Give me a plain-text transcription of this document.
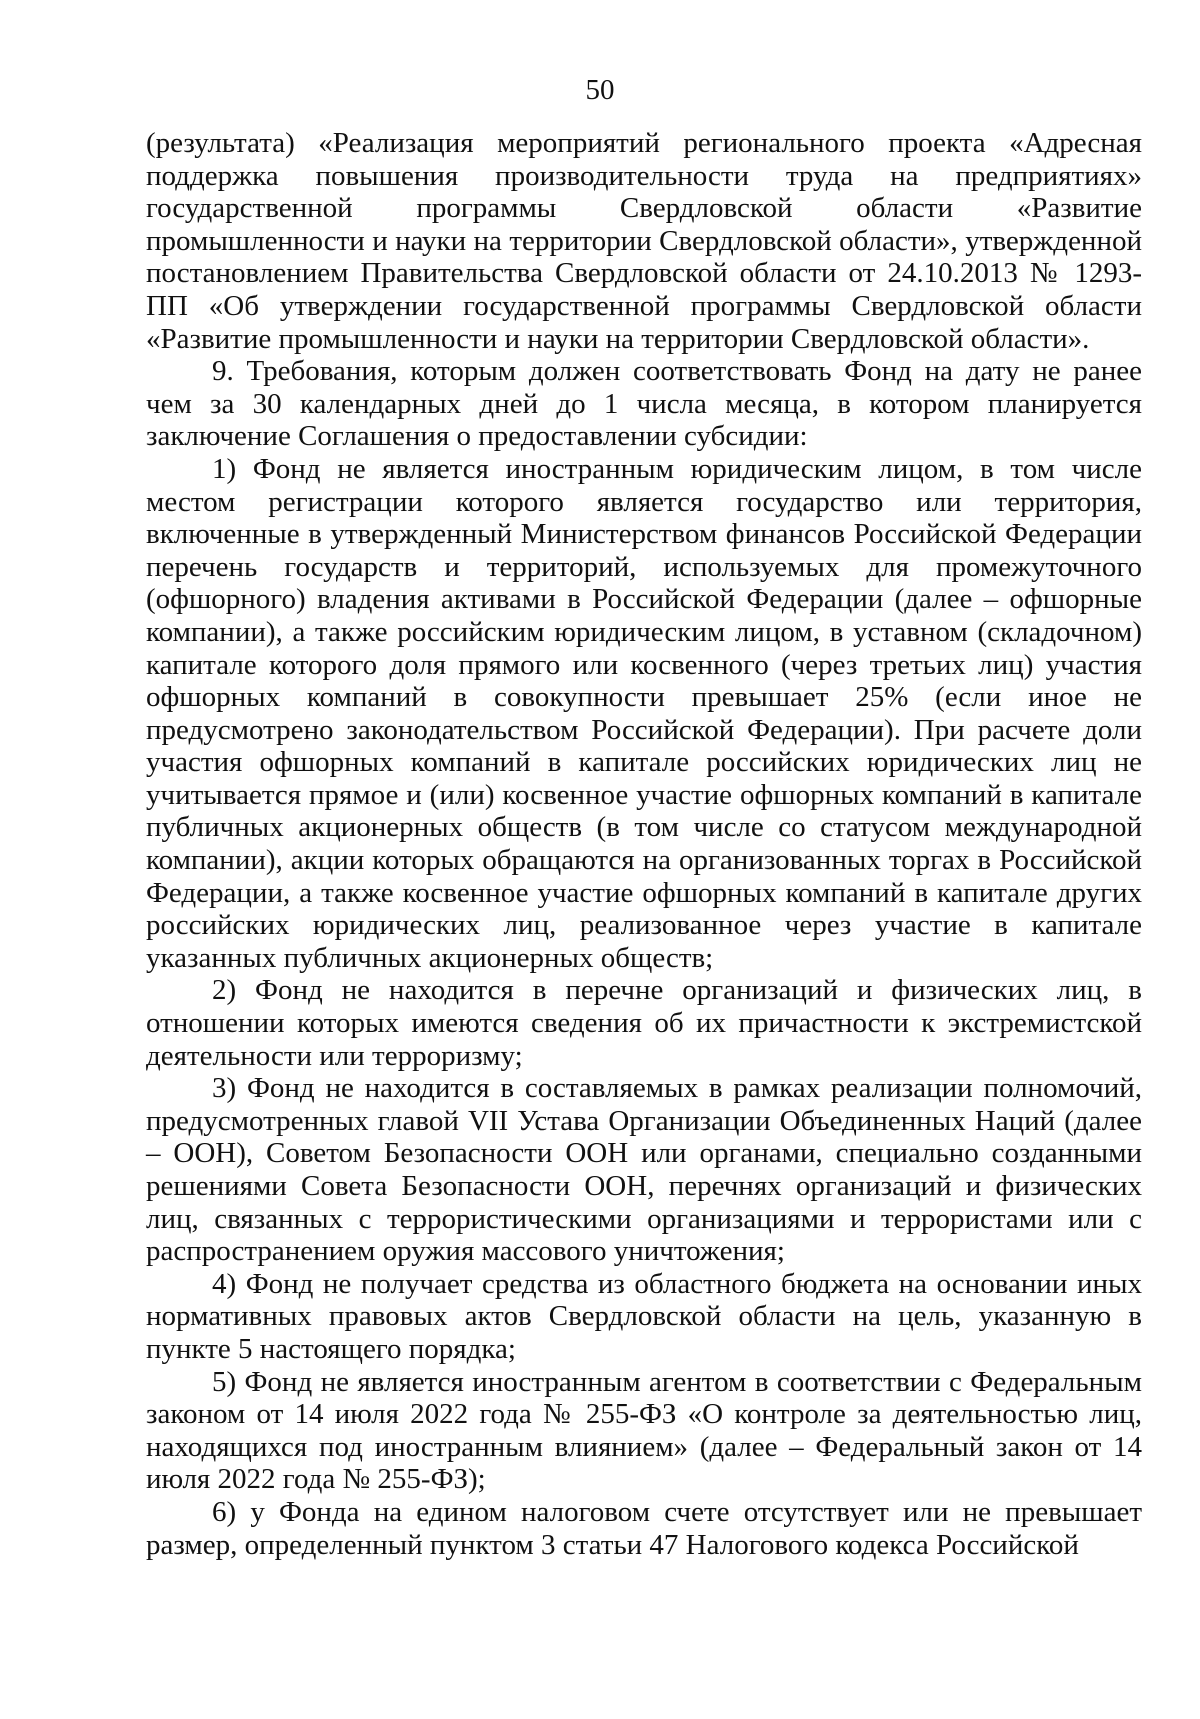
50

(результата) «Реализация мероприятий регионального проекта «Адресная поддержка повышения производительности труда на предприятиях» государственной программы Свердловской области «Развитие промышленности и науки на территории Свердловской области», утвержденной постановлением Правительства Свердловской области от 24.10.2013 № 1293-ПП «Об утверждении государственной программы Свердловской области «Развитие промышленности и науки на территории Свердловской области».

9. Требования, которым должен соответствовать Фонд на дату не ранее чем за 30 календарных дней до 1 числа месяца, в котором планируется заключение Соглашения о предоставлении субсидии:

1) Фонд не является иностранным юридическим лицом, в том числе местом регистрации которого является государство или территория, включенные в утвержденный Министерством финансов Российской Федерации перечень государств и территорий, используемых для промежуточного (офшорного) владения активами в Российской Федерации (далее – офшорные компании), а также российским юридическим лицом, в уставном (складочном) капитале которого доля прямого или косвенного (через третьих лиц) участия офшорных компаний в совокупности превышает 25% (если иное не предусмотрено законодательством Российской Федерации). При расчете доли участия офшорных компаний в капитале российских юридических лиц не учитывается прямое и (или) косвенное участие офшорных компаний в капитале публичных акционерных обществ (в том числе со статусом международной компании), акции которых обращаются на организованных торгах в Российской Федерации, а также косвенное участие офшорных компаний в капитале других российских юридических лиц, реализованное через участие в капитале указанных публичных акционерных обществ;

2) Фонд не находится в перечне организаций и физических лиц, в отношении которых имеются сведения об их причастности к экстремистской деятельности или терроризму;

3) Фонд не находится в составляемых в рамках реализации полномочий, предусмотренных главой VII Устава Организации Объединенных Наций (далее – ООН), Советом Безопасности ООН или органами, специально созданными решениями Совета Безопасности ООН, перечнях организаций и физических лиц, связанных с террористическими организациями и террористами или с распространением оружия массового уничтожения;

4) Фонд не получает средства из областного бюджета на основании иных нормативных правовых актов Свердловской области на цель, указанную в пункте 5 настоящего порядка;

5) Фонд не является иностранным агентом в соответствии с Федеральным законом от 14 июля 2022 года № 255-ФЗ «О контроле за деятельностью лиц, находящихся под иностранным влиянием» (далее – Федеральный закон от 14 июля 2022 года № 255-ФЗ);

6) у Фонда на едином налоговом счете отсутствует или не превышает размер, определенный пунктом 3 статьи 47 Налогового кодекса Российской
